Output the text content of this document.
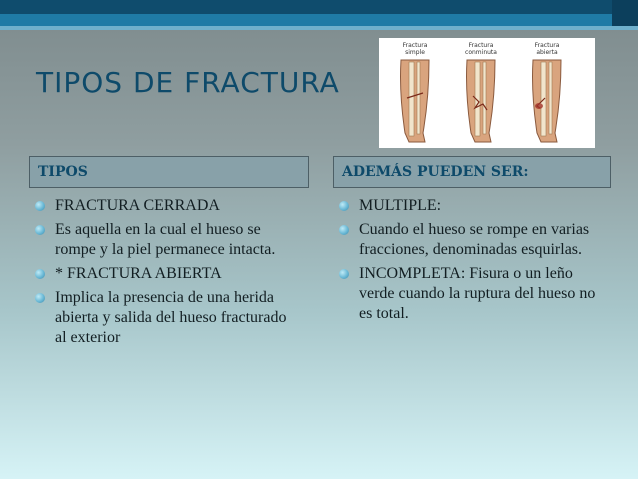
TIPOS DE FRACTURA
Fractura
simple
Fractura
conminuta
Fractura
abierta
TIPOS	ADEMÁS PUEDEN SER:
FRACTURA CERRADA
Es aquella en la cual el hueso se rompe y la piel permanece intacta.
* FRACTURA ABIERTA
Implica la presencia de una herida abierta y salida del hueso fracturado al exterior
MULTIPLE:
Cuando el hueso se rompe en varias fracciones, denominadas esquirlas.
INCOMPLETA: Fisura o un leño verde cuando la ruptura del hueso no es total.
